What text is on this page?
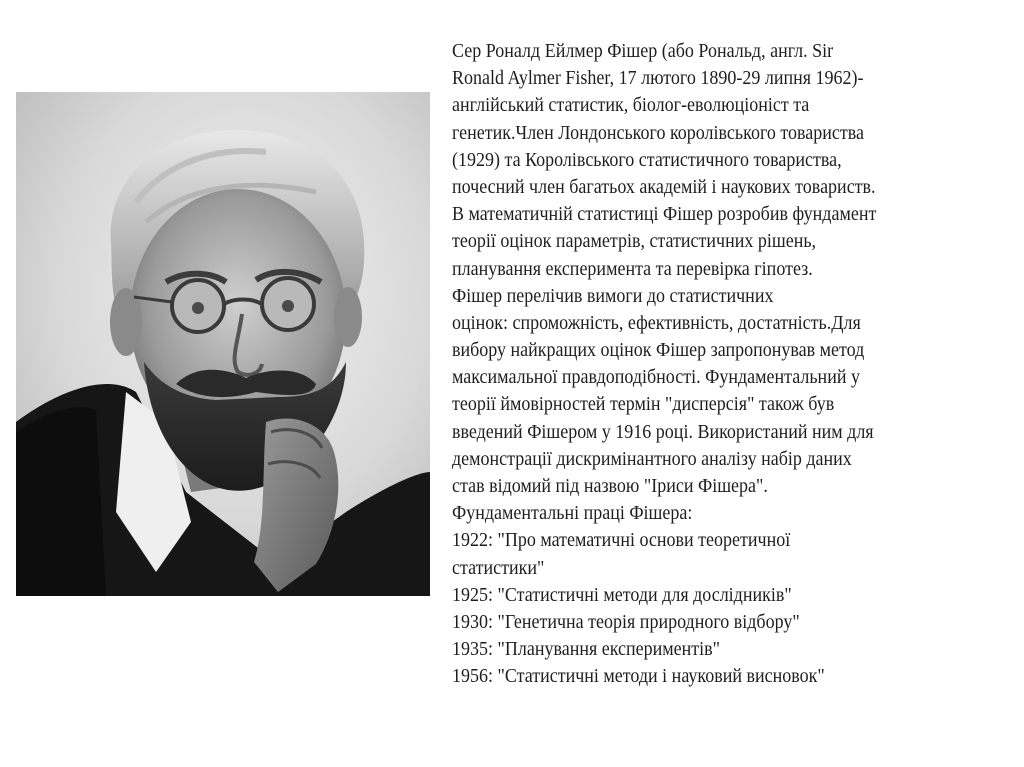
Сер Роналд Ейлмер Фішер (або Рональд, англ. Sir
Ronald Aylmer Fisher, 17 лютого 1890-29 липня 1962)-
англійський статистик, біолог-еволюціоніст та
генетик.Член Лондонського королівського товариства
(1929) та Королівського статистичного товариства,
почесний член багатьох академій і наукових товариств.
В математичній статистиці Фішер розробив фундамент
теорії оцінок параметрів, статистичних рішень,
планування експеримента та перевірка гіпотез.
Фішер перелічив вимоги до статистичних
оцінок: спроможність, ефективність, достатність.Для
вибору найкращих оцінок Фішер запропонував метод
максимальної правдоподібності. Фундаментальний у
теорії ймовірностей термін "дисперсія" також був
введений Фішером у 1916 році. Використаний ним для
демонстрації дискримінантного аналізу набір даних
став відомий під назвою "Іриси Фішера".
Фундаментальні праці Фішера:
1922: "Про математичні основи теоретичної
статистики"
1925: "Статистичні методи для дослідників"
1930: "Генетична теорія природного відбору"
1935: "Планування експериментів"
1956: "Статистичні методи і науковий висновок"
